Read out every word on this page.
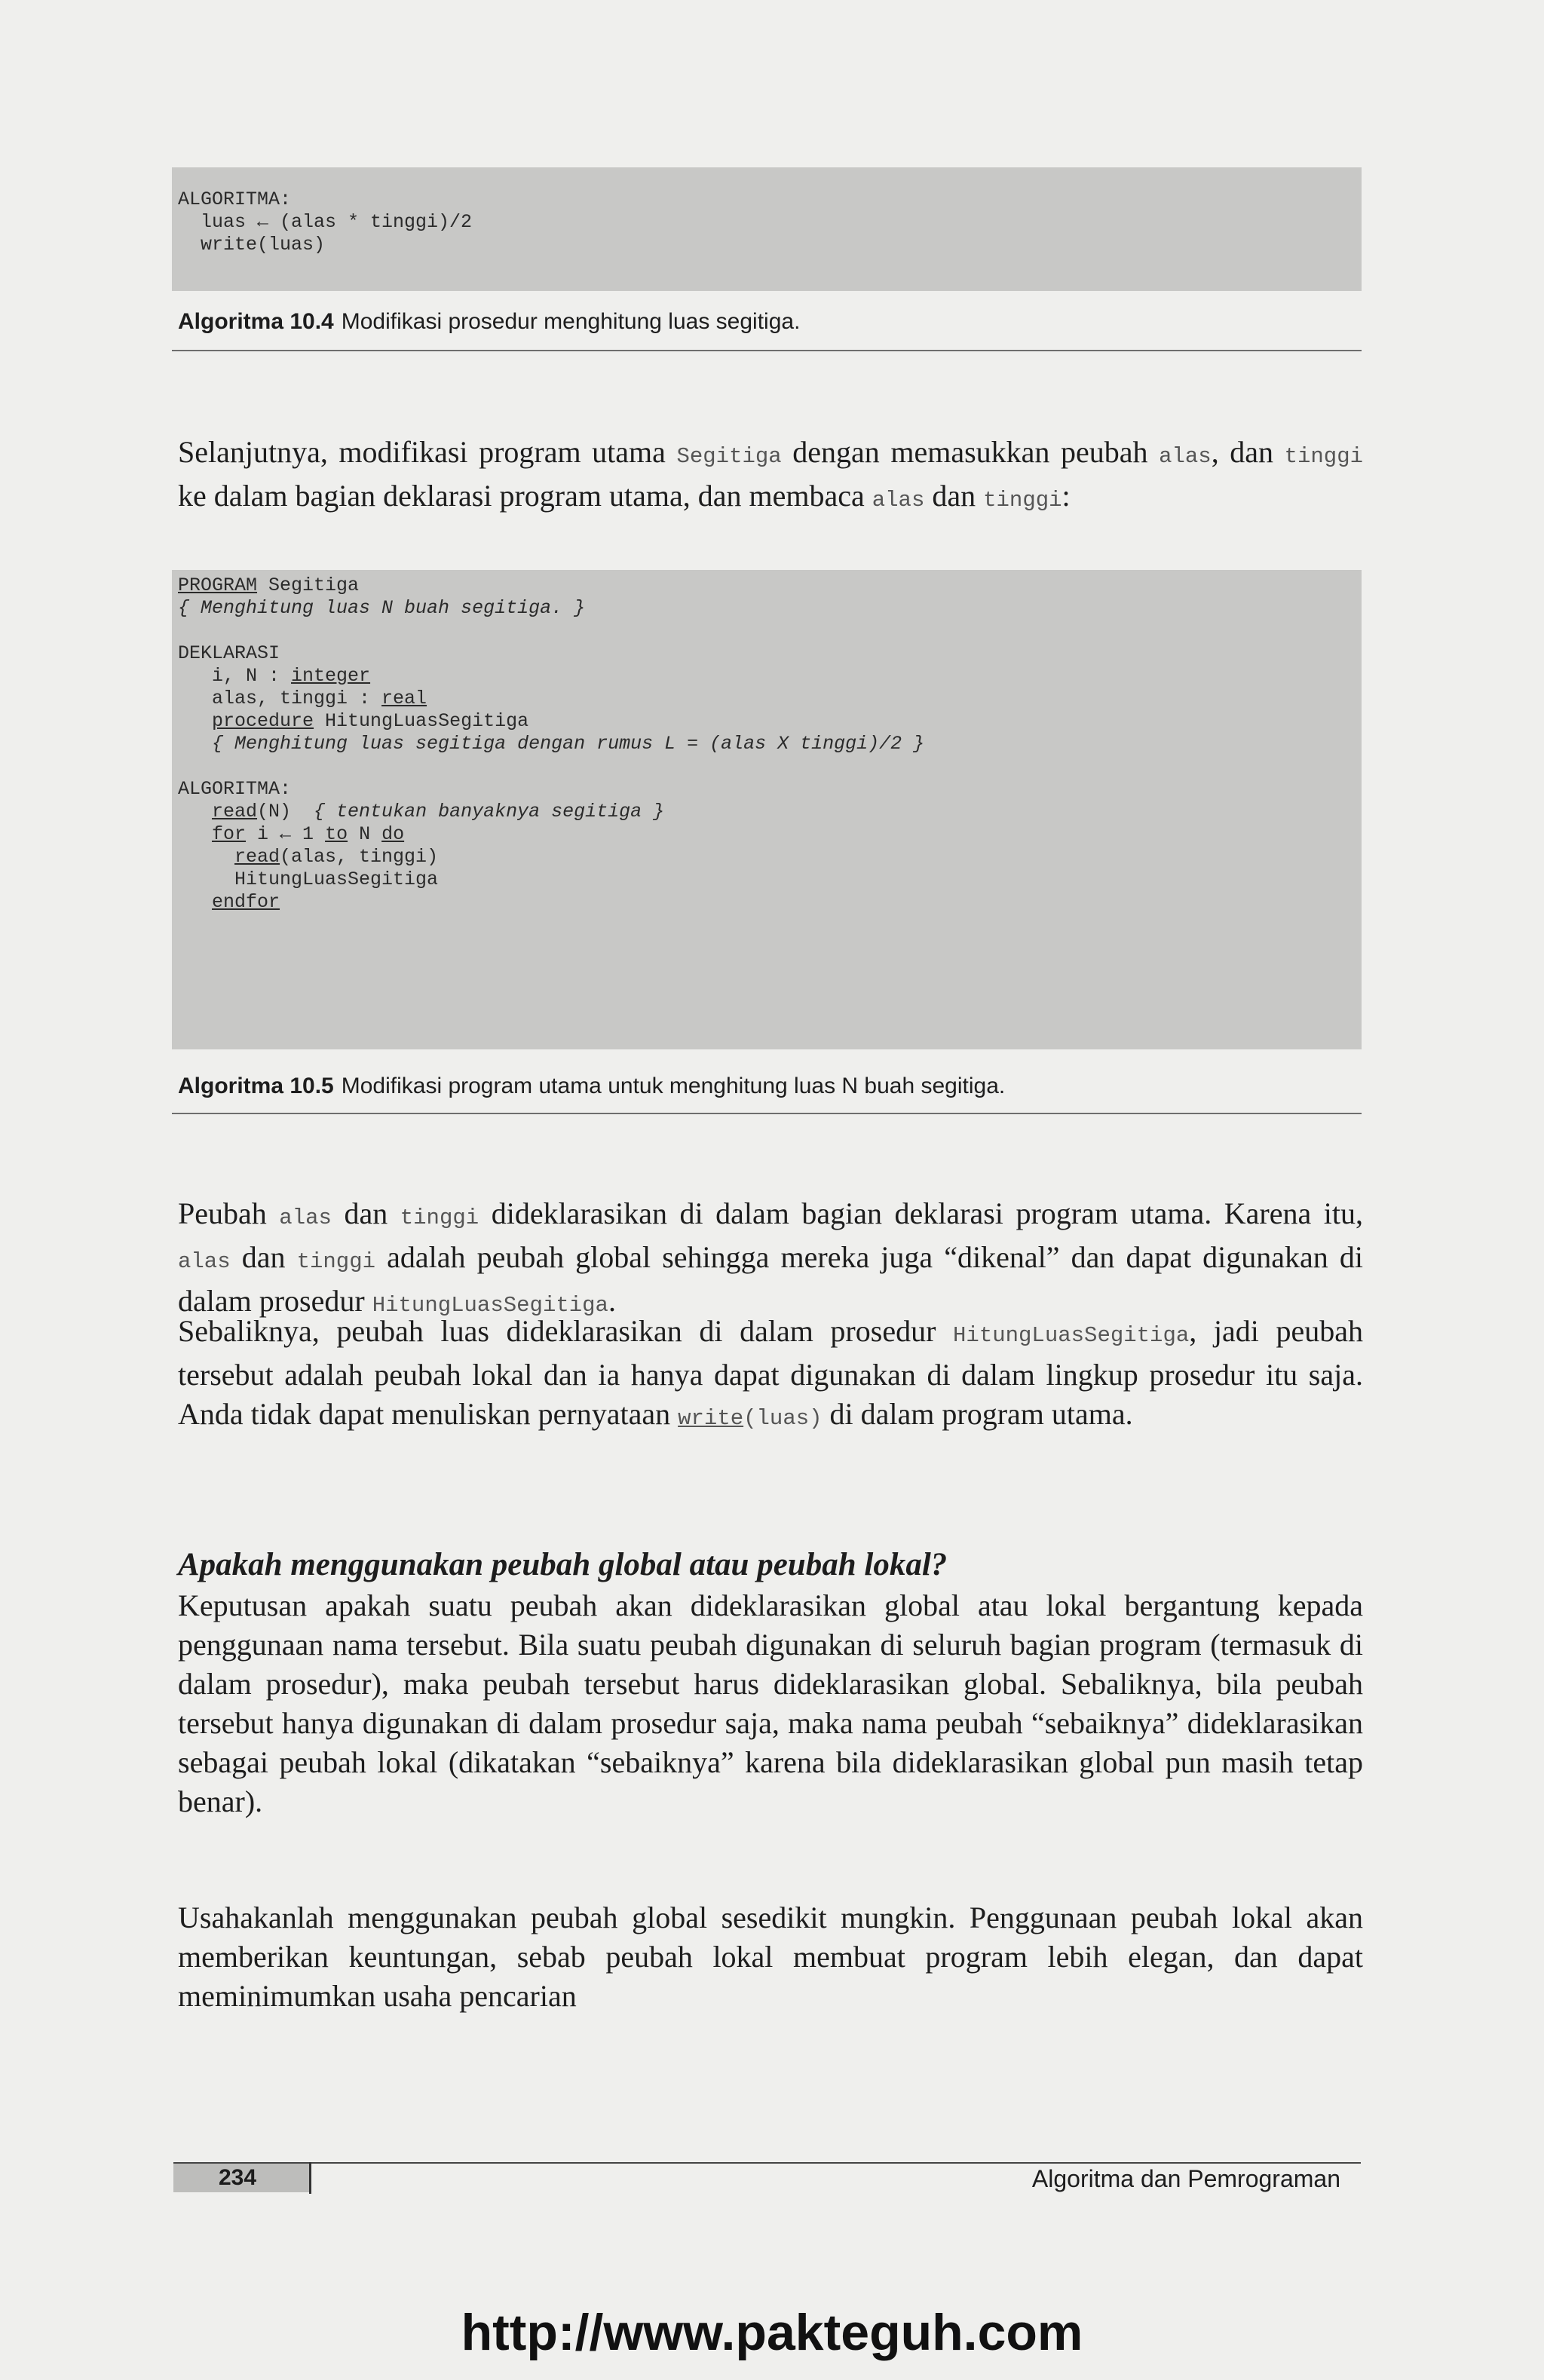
ALGORITMA:
luas ← (alas * tinggi)/2
write(luas)
Algoritma 10.4 Modifikasi prosedur menghitung luas segitiga.
Selanjutnya, modifikasi program utama Segitiga dengan memasukkan peubah alas, dan tinggi ke dalam bagian deklarasi program utama, dan membaca alas dan tinggi:
PROGRAM Segitiga
{ Menghitung luas N buah segitiga. }
DEKLARASI
i, N : integer
alas, tinggi : real
procedure HitungLuasSegitiga
{ Menghitung luas segitiga dengan rumus L = (alas X tinggi)/2 }
ALGORITMA:
read(N)  { tentukan banyaknya segitiga }
for i ← 1 to N do
read(alas, tinggi)
HitungLuasSegitiga
endfor
Algoritma 10.5 Modifikasi program utama untuk menghitung luas N buah segitiga.
Peubah alas dan tinggi dideklarasikan di dalam bagian deklarasi program utama. Karena itu, alas dan tinggi adalah peubah global sehingga mereka juga “dikenal” dan dapat digunakan di dalam prosedur HitungLuasSegitiga.
Sebaliknya, peubah luas dideklarasikan di dalam prosedur HitungLuasSegitiga, jadi peubah tersebut adalah peubah lokal dan ia hanya dapat digunakan di dalam lingkup prosedur itu saja. Anda tidak dapat menuliskan pernyataan write(luas) di dalam program utama.
Apakah menggunakan peubah global atau peubah lokal?
Keputusan apakah suatu peubah akan dideklarasikan global atau lokal bergantung kepada penggunaan nama tersebut. Bila suatu peubah digunakan di seluruh bagian program (termasuk di dalam prosedur), maka peubah tersebut harus dideklarasikan global. Sebaliknya, bila peubah tersebut hanya digunakan di dalam prosedur saja, maka nama peubah “sebaiknya” dideklarasikan sebagai peubah lokal (dikatakan “sebaiknya” karena bila dideklarasikan global pun masih tetap benar).
Usahakanlah menggunakan peubah global sesedikit mungkin. Penggunaan peubah lokal akan memberikan keuntungan, sebab peubah lokal membuat program lebih elegan, dan dapat meminimumkan usaha pencarian
234	Algoritma dan Pemrograman
http://www.pakteguh.com
